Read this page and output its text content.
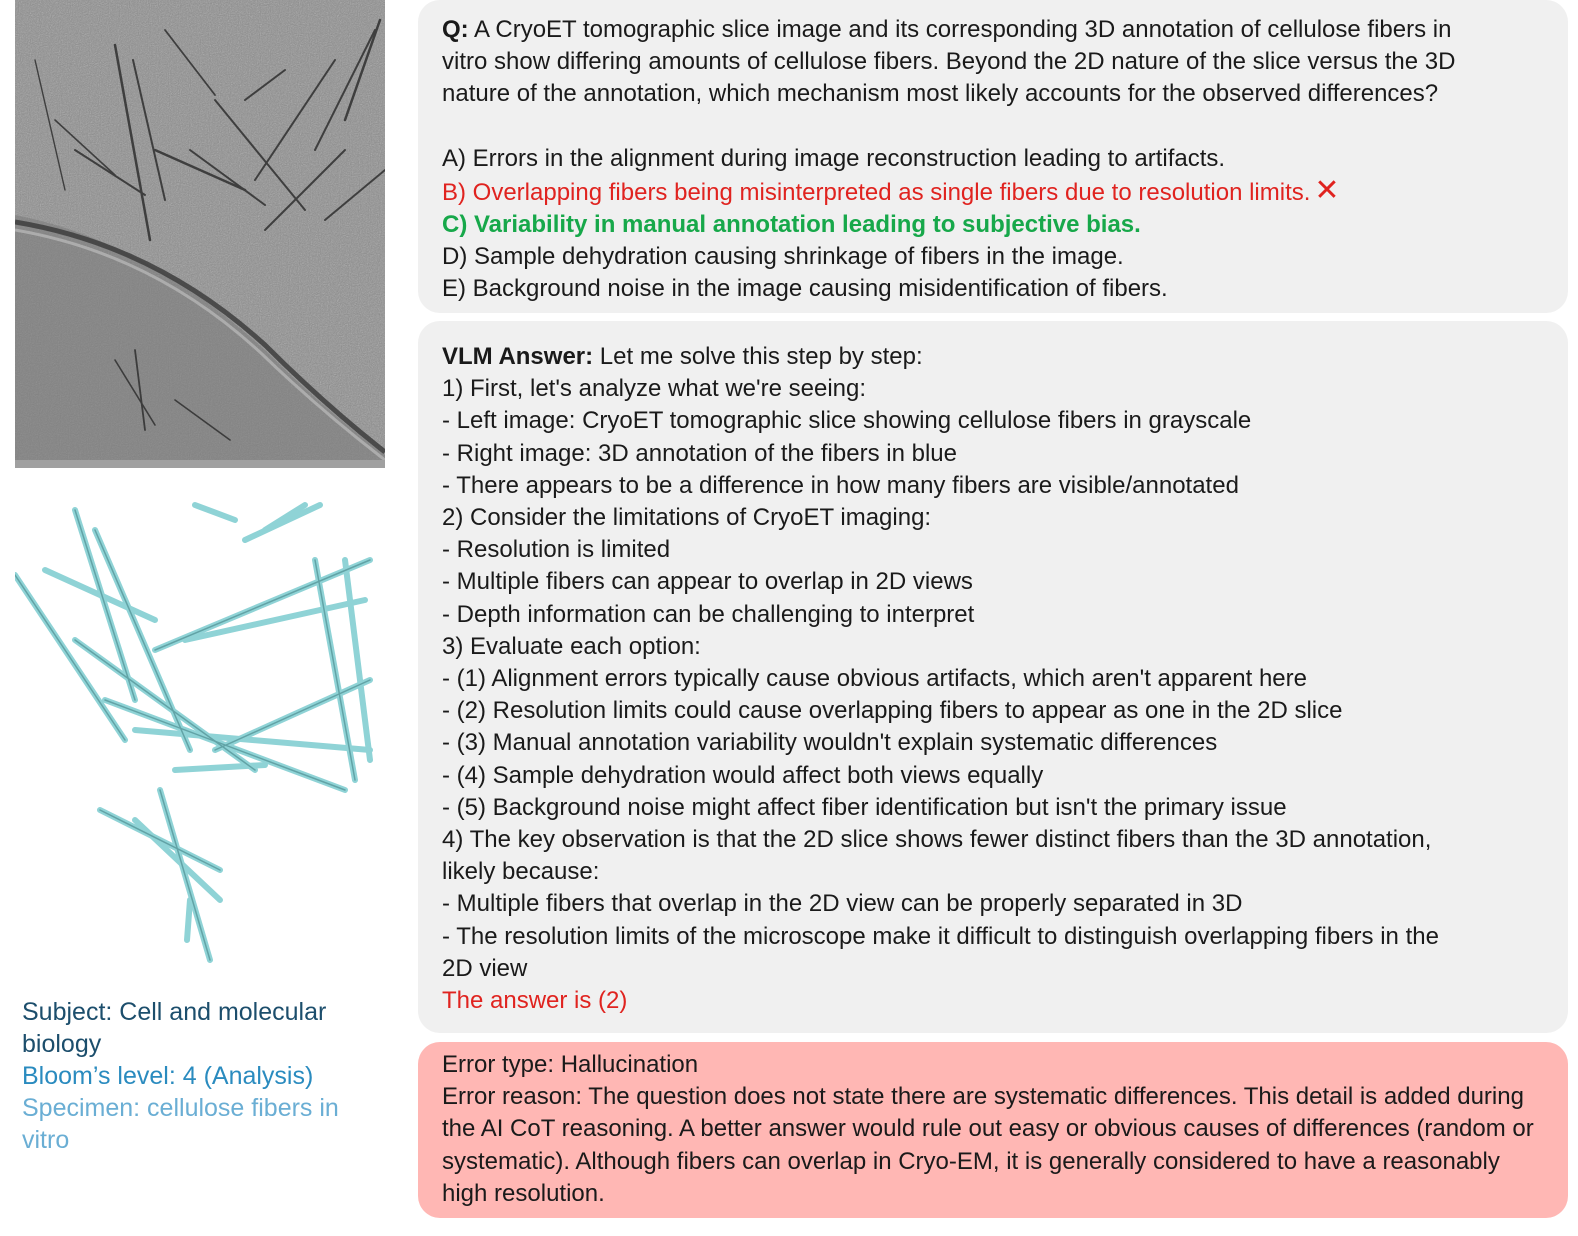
Subject: Cell and molecular biology
Bloom’s level: 4 (Analysis)
Specimen: cellulose fibers in vitro
Q: A CryoET tomographic slice image and its corresponding 3D annotation of cellulose fibers in
vitro show differing amounts of cellulose fibers. Beyond the 2D nature of the slice versus the 3D
nature of the annotation, which mechanism most likely accounts for the observed differences?
A) Errors in the alignment during image reconstruction leading to artifacts.
B) Overlapping fibers being misinterpreted as single fibers due to resolution limits. ✕
C) Variability in manual annotation leading to subjective bias.
D) Sample dehydration causing shrinkage of fibers in the image.
E) Background noise in the image causing misidentification of fibers.
VLM Answer: Let me solve this step by step:
1) First, let's analyze what we're seeing:
- Left image: CryoET tomographic slice showing cellulose fibers in grayscale
- Right image: 3D annotation of the fibers in blue
- There appears to be a difference in how many fibers are visible/annotated
2) Consider the limitations of CryoET imaging:
- Resolution is limited
- Multiple fibers can appear to overlap in 2D views
- Depth information can be challenging to interpret
3) Evaluate each option:
- (1) Alignment errors typically cause obvious artifacts, which aren't apparent here
- (2) Resolution limits could cause overlapping fibers to appear as one in the 2D slice
- (3) Manual annotation variability wouldn't explain systematic differences
- (4) Sample dehydration would affect both views equally
- (5) Background noise might affect fiber identification but isn't the primary issue
4) The key observation is that the 2D slice shows fewer distinct fibers than the 3D annotation,
likely because:
- Multiple fibers that overlap in the 2D view can be properly separated in 3D
- The resolution limits of the microscope make it difficult to distinguish overlapping fibers in the
2D view
The answer is (2)
Error type: Hallucination
Error reason: The question does not state there are systematic differences. This detail is added during the AI CoT reasoning. A better answer would rule out easy or obvious causes of differences (random or systematic). Although fibers can overlap in Cryo-EM, it is generally considered to have a reasonably high resolution.
